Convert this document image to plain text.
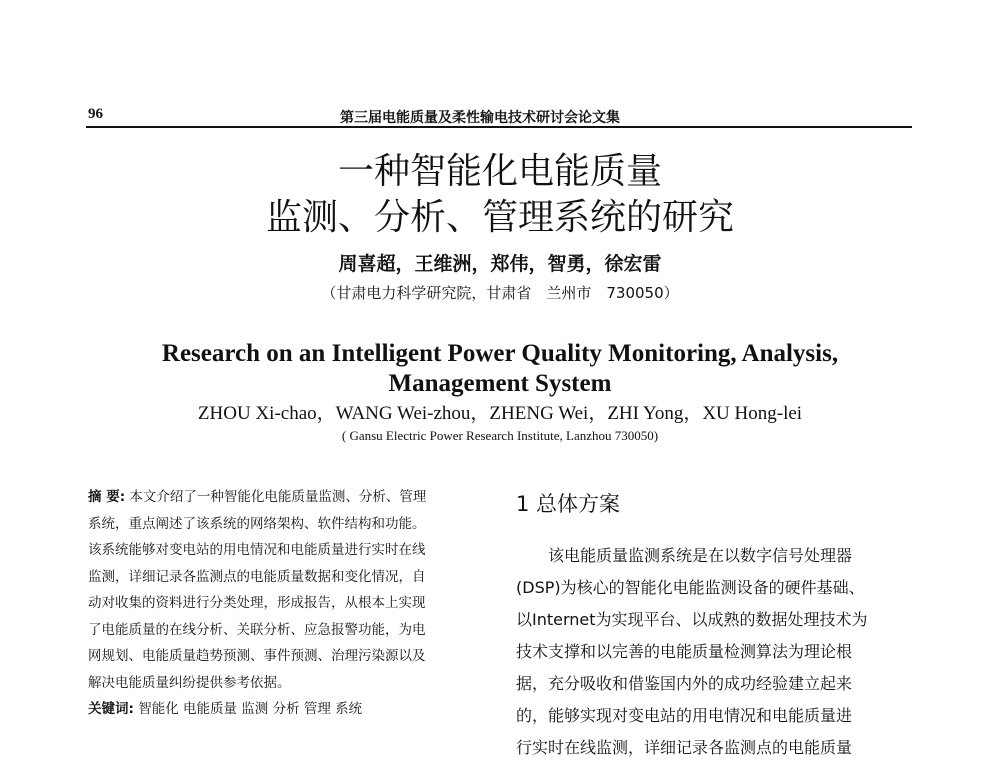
96	第三届电能质量及柔性输电技术研讨会论文集
一种智能化电能质量
监测、分析、管理系统的研究
周喜超，王维洲，郑伟，智勇，徐宏雷
（甘肃电力科学研究院，甘肃省　兰州市　730050）
Research on an Intelligent Power Quality Monitoring, Analysis,
Management System
ZHOU Xi-chao，WANG Wei-zhou，ZHENG Wei，ZHI Yong，XU Hong-lei
( Gansu Electric Power Research Institute, Lanzhou 730050)
摘 要: 本文介绍了一种智能化电能质量监测、分析、管理
系统，重点阐述了该系统的网络架构、软件结构和功能。
该系统能够对变电站的用电情况和电能质量进行实时在线
监测，详细记录各监测点的电能质量数据和变化情况，自
动对收集的资料进行分类处理，形成报告，从根本上实现
了电能质量的在线分析、关联分析、应急报警功能，为电
网规划、电能质量趋势预测、事件预测、治理污染源以及
解决电能质量纠纷提供参考依据。
关键词: 智能化 电能质量 监测 分析 管理 系统
1 总体方案
该电能质量监测系统是在以数字信号处理器
(DSP)为核心的智能化电能监测设备的硬件基础、
以Internet为实现平台、以成熟的数据处理技术为
技术支撑和以完善的电能质量检测算法为理论根
据，充分吸收和借鉴国内外的成功经验建立起来
的，能够实现对变电站的用电情况和电能质量进
行实时在线监测，详细记录各监测点的电能质量
